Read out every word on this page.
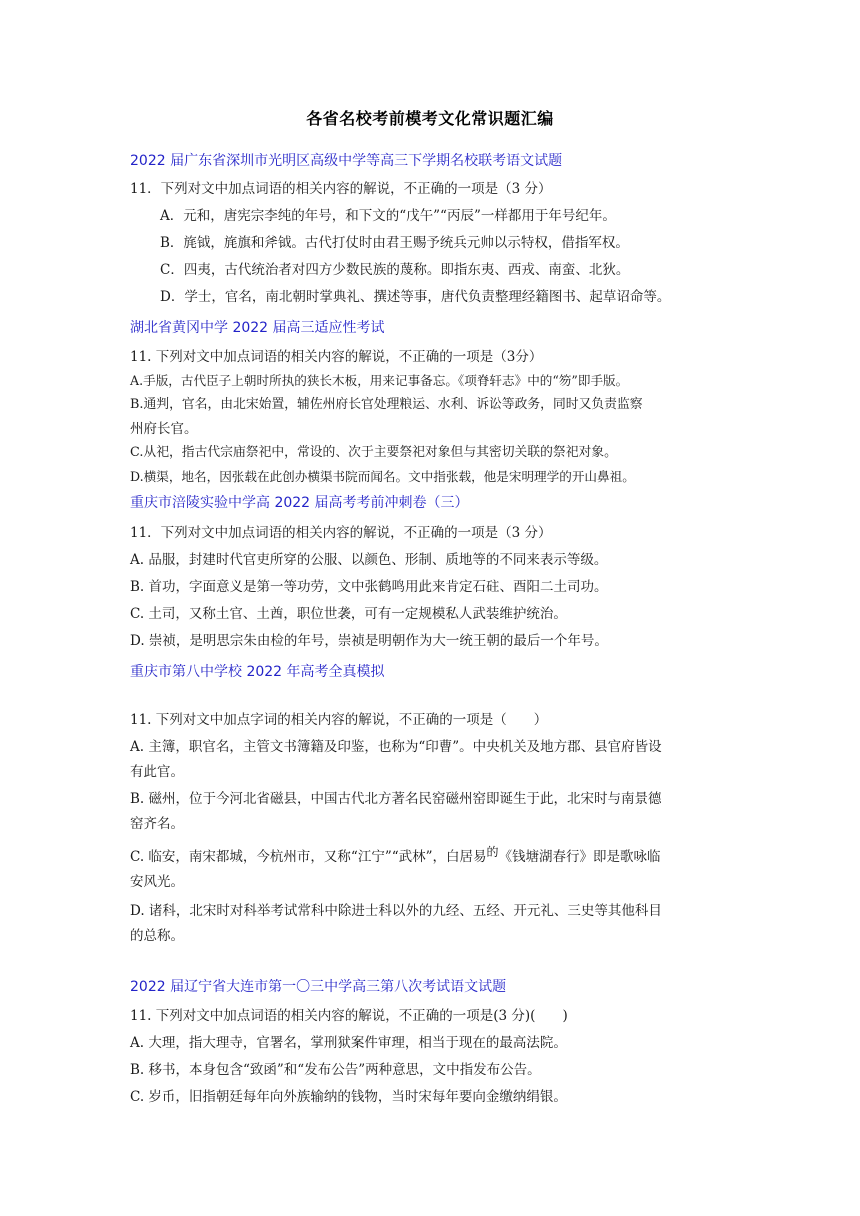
各省名校考前模考文化常识题汇编
2022 届广东省深圳市光明区高级中学等高三下学期名校联考语文试题
11．下列对文中加点词语的相关内容的解说，不正确的一项是（3 分）
A．元和，唐宪宗李纯的年号，和下文的“戊午”“丙辰”一样都用于年号纪年。
B．旄钺，旄旗和斧钺。古代打仗时由君王赐予统兵元帅以示特权，借指军权。
C．四夷，古代统治者对四方少数民族的蔑称。即指东夷、西戎、南蛮、北狄。
D．学士，官名，南北朝时掌典礼、撰述等事，唐代负责整理经籍图书、起草诏命等。
湖北省黄冈中学 2022 届高三适应性考试
11. 下列对文中加点词语的相关内容的解说，不正确的一项是（3分）
A.手版，古代臣子上朝时所执的狭长木板，用来记事备忘。《项脊轩志》中的“笏”即手版。
B.通判，官名，由北宋始置，辅佐州府长官处理粮运、水利、诉讼等政务，同时又负责监察
州府长官。
C.从祀，指古代宗庙祭祀中，常设的、次于主要祭祀对象但与其密切关联的祭祀对象。
D.横渠，地名，因张载在此创办横渠书院而闻名。文中指张载，他是宋明理学的开山鼻祖。
重庆市涪陵实验中学高 2022 届高考考前冲刺卷（三）
11．下列对文中加点词语的相关内容的解说，不正确的一项是（3 分）
A. 品服，封建时代官吏所穿的公服、以颜色、形制、质地等的不同来表示等级。
B. 首功，字面意义是第一等功劳，文中张鹤鸣用此来肯定石砫、酉阳二土司功。
C. 土司，又称土官、土酋，职位世袭，可有一定规模私人武装维护统治。
D. 崇祯，是明思宗朱由检的年号，崇祯是明朝作为大一统王朝的最后一个年号。
重庆市第八中学校 2022 年高考全真模拟
11. 下列对文中加点字词的相关内容的解说，不正确的一项是（　　）
A. 主簿，职官名，主管文书簿籍及印鉴，也称为“印曹”。中央机关及地方郡、县官府皆设
有此官。
B. 磁州，位于今河北省磁县，中国古代北方著名民窑磁州窑即诞生于此，北宋时与南景德
窑齐名。
C. 临安，南宋都城，今杭州市，又称“江宁”“武林”，白居易的《钱塘湖春行》即是歌咏临
安风光。
D. 诸科，北宋时对科举考试常科中除进士科以外的九经、五经、开元礼、三史等其他科目
的总称。
2022 届辽宁省大连市第一〇三中学高三第八次考试语文试题
11. 下列对文中加点词语的相关内容的解说，不正确的一项是(3 分)(　　)
A. 大理，指大理寺，官署名，掌刑狱案件审理，相当于现在的最高法院。
B. 移书，本身包含“致函”和“发布公告”两种意思，文中指发布公告。
C. 岁币，旧指朝廷每年向外族输纳的钱物，当时宋每年要向金缴纳绢银。
